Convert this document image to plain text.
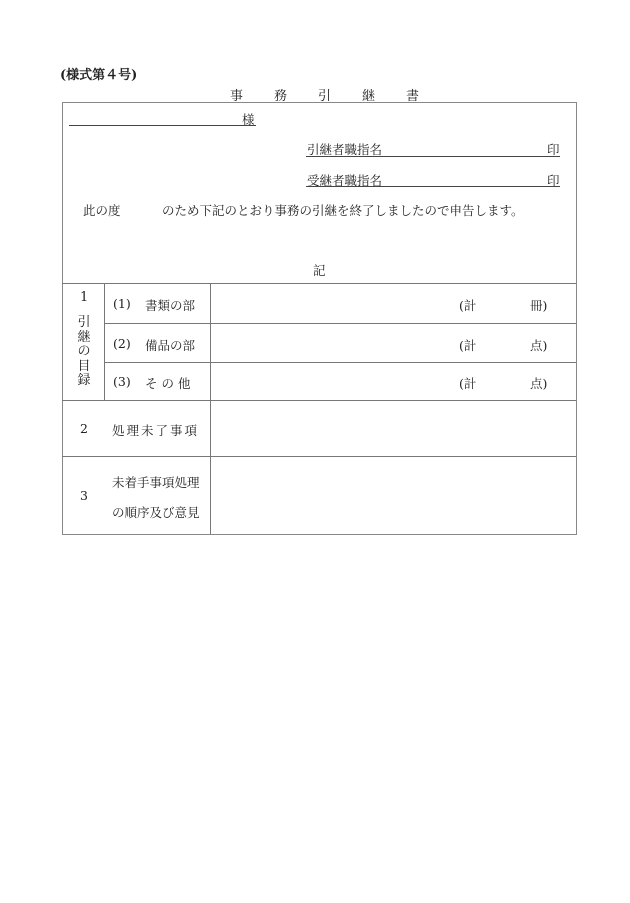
(様式第４号)
事 務 引 継 書
様
引継者職指名	印
受継者職指名	印
此の度	のため下記のとおり事務の引継を終了しましたので申告します。
記
1
引
継
の
目
録
(1) 書類の部	(計	冊)
(2) 備品の部	(計	点)
(3) そ の 他	(計	点)
2 処理未了事項
3
未着手事項処理
の順序及び意見
